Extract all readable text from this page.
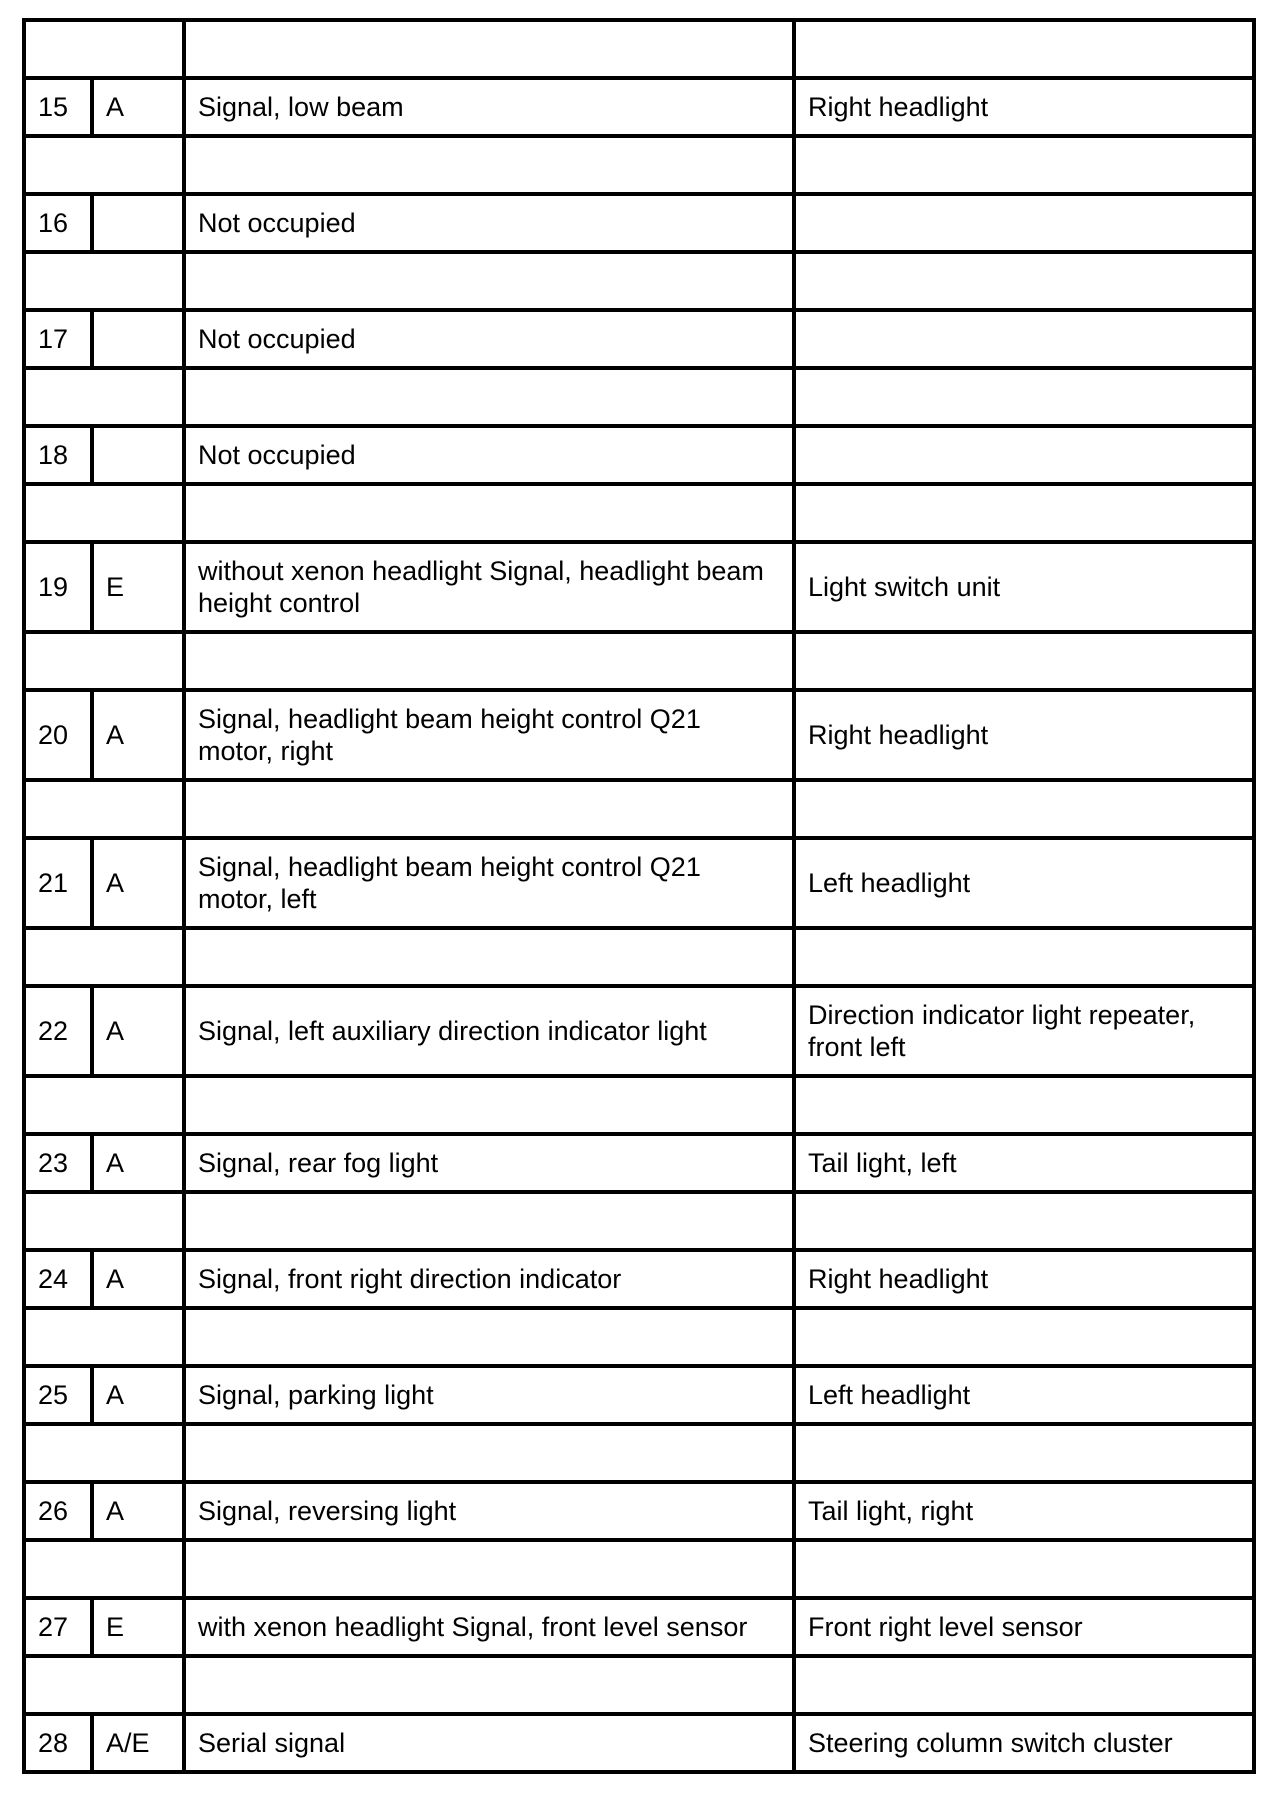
15	A	Signal, low beam	Right headlight

16		Not occupied	

17		Not occupied	

18		Not occupied	

19	E	without xenon headlight Signal, headlight beam height control	Light switch unit

20	A	Signal, headlight beam height control Q21 motor, right	Right headlight

21	A	Signal, headlight beam height control Q21 motor, left	Left headlight

22	A	Signal, left auxiliary direction indicator light	Direction indicator light repeater, front left

23	A	Signal, rear fog light	Tail light, left

24	A	Signal, front right direction indicator	Right headlight

25	A	Signal, parking light	Left headlight

26	A	Signal, reversing light	Tail light, right

27	E	with xenon headlight Signal, front level sensor	Front right level sensor

28	A/E	Serial signal	Steering column switch cluster
